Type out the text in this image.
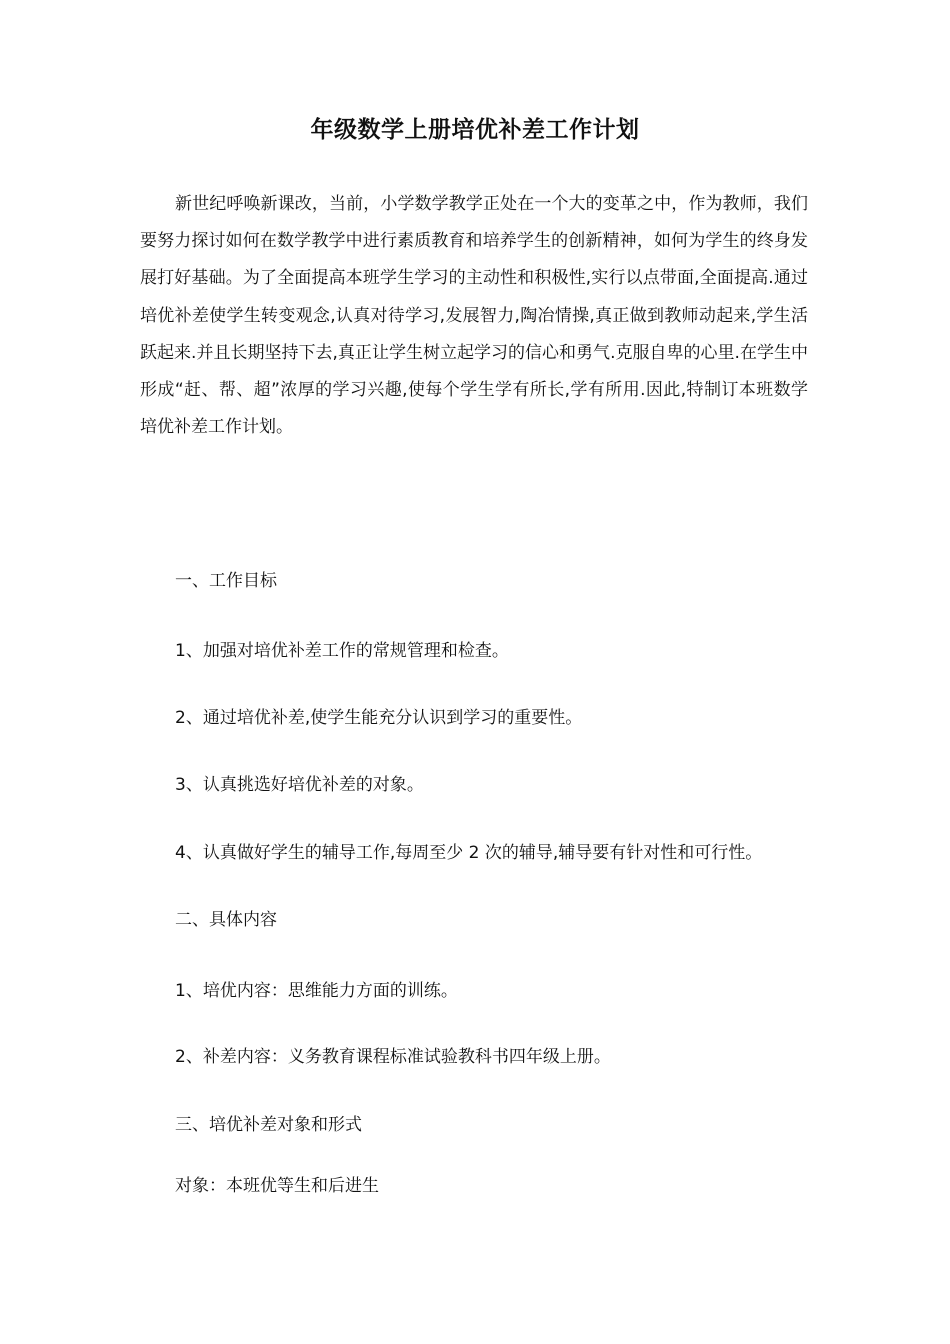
年级数学上册培优补差工作计划

新世纪呼唤新课改，当前，小学数学教学正处在一个大的变革之中，作为教师，我们要努力探讨如何在数学教学中进行素质教育和培养学生的创新精神，如何为学生的终身发展打好基础。为了全面提高本班学生学习的主动性和积极性,实行以点带面,全面提高.通过培优补差使学生转变观念,认真对待学习,发展智力,陶冶情操,真正做到教师动起来,学生活跃起来.并且长期坚持下去,真正让学生树立起学习的信心和勇气.克服自卑的心里.在学生中形成“赶、帮、超”浓厚的学习兴趣,使每个学生学有所长,学有所用.因此,特制订本班数学培优补差工作计划。

一、工作目标

1、加强对培优补差工作的常规管理和检查。

2、通过培优补差,使学生能充分认识到学习的重要性。

3、认真挑选好培优补差的对象。

4、认真做好学生的辅导工作,每周至少 2 次的辅导,辅导要有针对性和可行性。

二、具体内容

1、培优内容：思维能力方面的训练。

2、补差内容：义务教育课程标准试验教科书四年级上册。

三、培优补差对象和形式

对象：本班优等生和后进生
